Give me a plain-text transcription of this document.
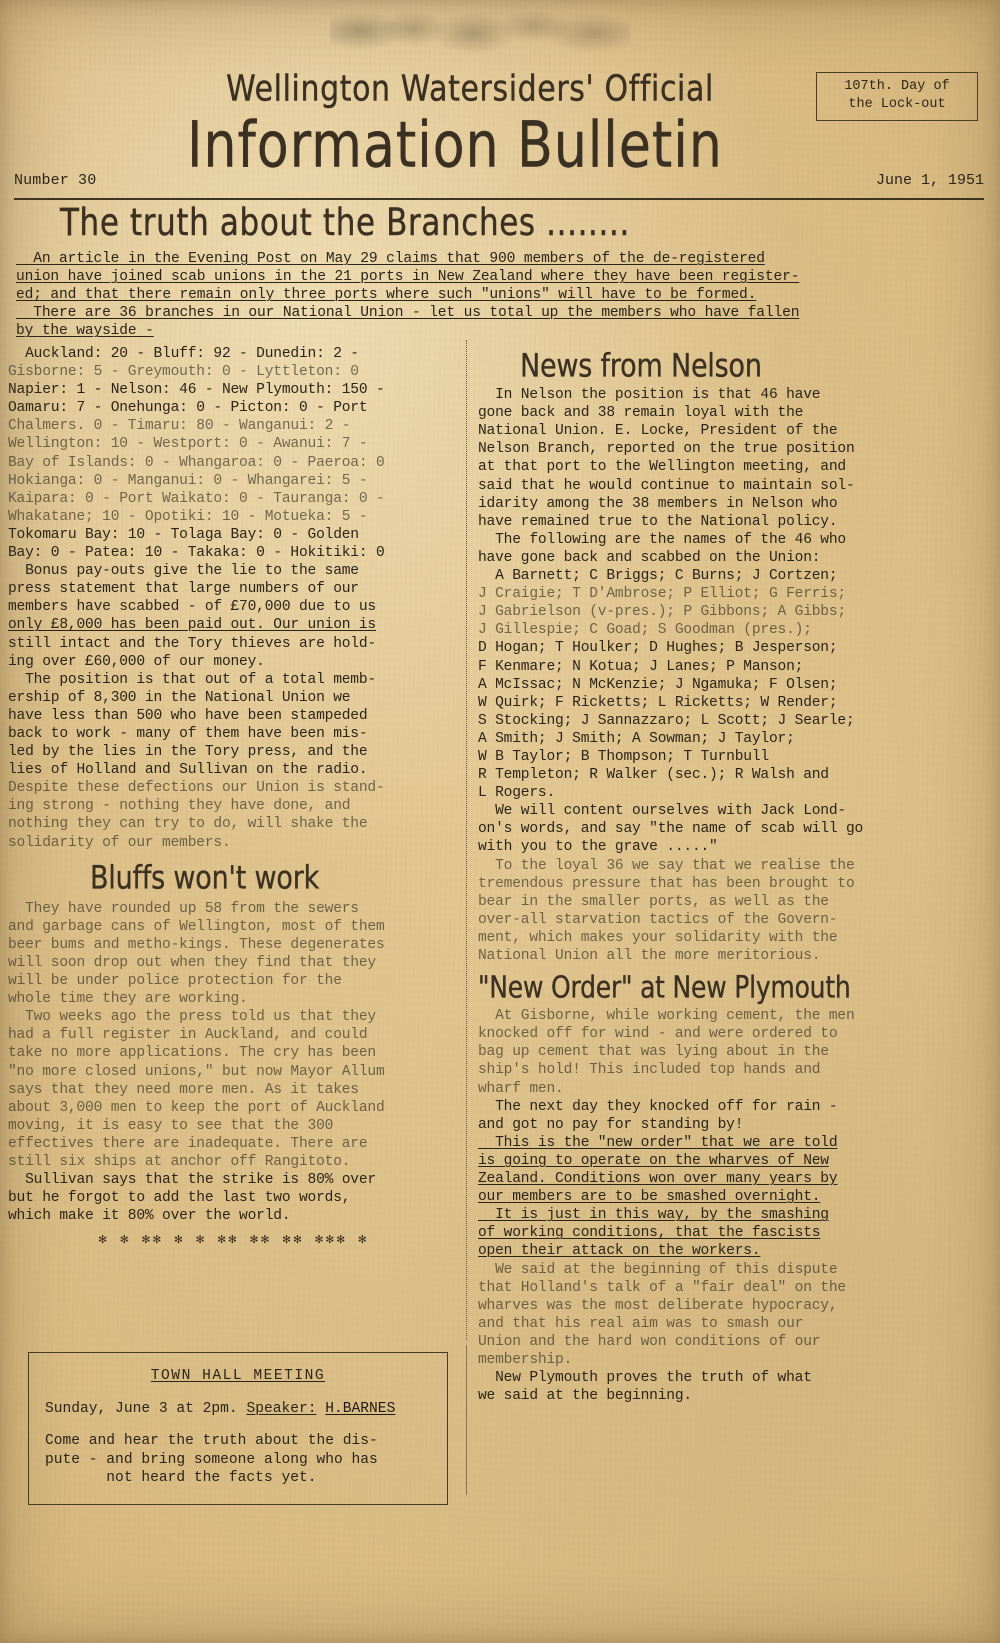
Wellington Watersiders' Official
Information Bulletin
107th. Day of
the Lock-out
Number 30	June 1, 1951
The truth about the Branches ........
An article in the Evening Post on May 29 claims that 900 members of the de-registered
union have joined scab unions in the 21 ports in New Zealand where they have been register-
ed; and that there remain only three ports where such "unions" will have to be formed.
There are 36 branches in our National Union - let us total up the members who have fallen
by the wayside -
Auckland: 20 - Bluff: 92 - Dunedin: 2 -
Gisborne: 5 - Greymouth: 0 - Lyttleton: 0
Napier: 1 - Nelson: 46 - New Plymouth: 150 -
Oamaru: 7 - Onehunga: 0 - Picton: 0 - Port
Chalmers. 0 - Timaru: 80 - Wanganui: 2 -
Wellington: 10 - Westport: 0 - Awanui: 7 -
Bay of Islands: 0 - Whangaroa: 0 - Paeroa: 0
Hokianga: 0 - Manganui: 0 - Whangarei: 5 -
Kaipara: 0 - Port Waikato: 0 - Tauranga: 0 -
Whakatane; 10 - Opotiki: 10 - Motueka: 5 -
Tokomaru Bay: 10 - Tolaga Bay: 0 - Golden
Bay: 0 - Patea: 10 - Takaka: 0 - Hokitiki: 0
Bonus pay-outs give the lie to the same
press statement that large numbers of our
members have scabbed - of £70,000 due to us
only £8,000 has been paid out. Our union is
still intact and the Tory thieves are hold-
ing over £60,000 of our money.
The position is that out of a total memb-
ership of 8,300 in the National Union we
have less than 500 who have been stampeded
back to work - many of them have been mis-
led by the lies in the Tory press, and the
lies of Holland and Sullivan on the radio.
Despite these defections our Union is stand-
ing strong - nothing they have done, and
nothing they can try to do, will shake the
solidarity of our members.
Bluffs won't work
They have rounded up 58 from the sewers
and garbage cans of Wellington, most of them
beer bums and metho-kings. These degenerates
will soon drop out when they find that they
will be under police protection for the
whole time they are working.
Two weeks ago the press told us that they
had a full register in Auckland, and could
take no more applications. The cry has been
"no more closed unions," but now Mayor Allum
says that they need more men. As it takes
about 3,000 men to keep the port of Auckland
moving, it is easy to see that the 300
effectives there are inadequate. There are
still six ships at anchor off Rangitoto.
Sullivan says that the strike is 80% over
but he forgot to add the last two words,
which make it 80% over the world.
✻ ✻ ✻✻ ✻ ✻ ✻✻ ✻✻ ✻✻ ✻✻✻ ✻
TOWN HALL MEETING
Sunday, June 3 at 2pm. Speaker: H.BARNES
Come and hear the truth about the dis-
pute - and bring someone along who has
not heard the facts yet.
News from Nelson
In Nelson the position is that 46 have
gone back and 38 remain loyal with the
National Union. E. Locke, President of the
Nelson Branch, reported on the true position
at that port to the Wellington meeting, and
said that he would continue to maintain sol-
idarity among the 38 members in Nelson who
have remained true to the National policy.
The following are the names of the 46 who
have gone back and scabbed on the Union:
A Barnett; C Briggs; C Burns; J Cortzen;
J Craigie; T D'Ambrose; P Elliot; G Ferris;
J Gabrielson (v-pres.); P Gibbons; A Gibbs;
J Gillespie; C Goad; S Goodman (pres.);
D Hogan; T Houlker; D Hughes; B Jesperson;
F Kenmare; N Kotua; J Lanes; P Manson;
A McIssac; N McKenzie; J Ngamuka; F Olsen;
W Quirk; F Ricketts; L Ricketts; W Render;
S Stocking; J Sannazzaro; L Scott; J Searle;
A Smith; J Smith; A Sowman; J Taylor;
W B Taylor; B Thompson; T Turnbull
R Templeton; R Walker (sec.); R Walsh and
L Rogers.
We will content ourselves with Jack Lond-
on's words, and say "the name of scab will go
with you to the grave ....."
To the loyal 36 we say that we realise the
tremendous pressure that has been brought to
bear in the smaller ports, as well as the
over-all starvation tactics of the Govern-
ment, which makes your solidarity with the
National Union all the more meritorious.
"New Order" at New Plymouth
At Gisborne, while working cement, the men
knocked off for wind - and were ordered to
bag up cement that was lying about in the
ship's hold! This included top hands and
wharf men.
The next day they knocked off for rain -
and got no pay for standing by!
This is the "new order" that we are told
is going to operate on the wharves of New
Zealand. Conditions won over many years by
our members are to be smashed overnight.
It is just in this way, by the smashing
of working conditions, that the fascists
open their attack on the workers.
We said at the beginning of this dispute
that Holland's talk of a "fair deal" on the
wharves was the most deliberate hypocracy,
and that his real aim was to smash our
Union and the hard won conditions of our
membership.
New Plymouth proves the truth of what
we said at the beginning.
